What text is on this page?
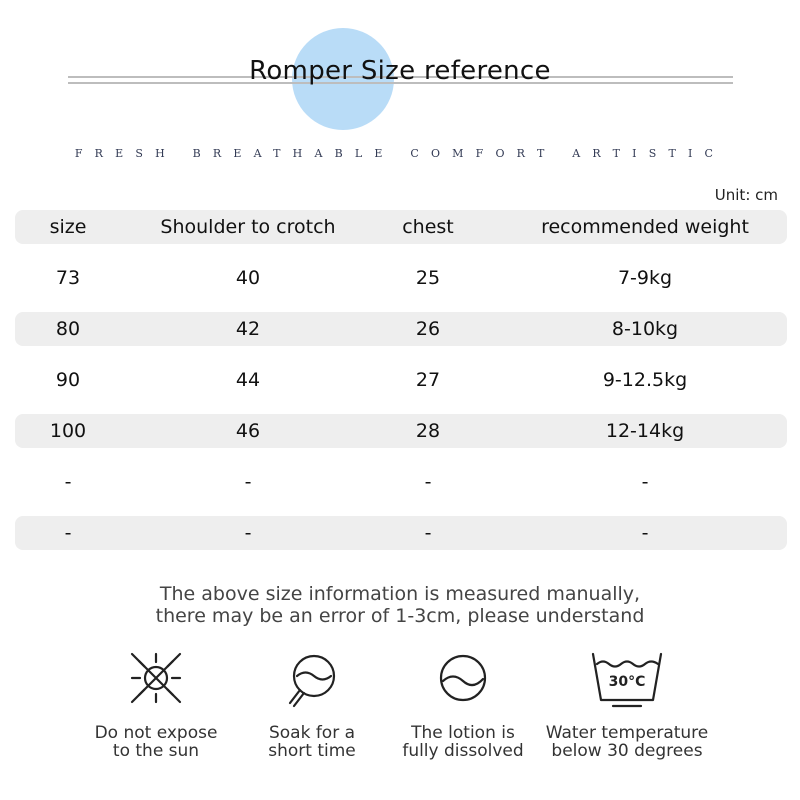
Romper Size reference
FRESH BREATHABLE COMFORT ARTISTIC
Unit: cm
size	Shoulder to crotch	chest	recommended weight
73	40	25	7-9kg
80	42	26	8-10kg
90	44	27	9-12.5kg
100	46	28	12-14kg
-	-	-	-
-	-	-	-
The above size information is measured manually,
there may be an error of 1-3cm, please understand
Do not expose
to the sun
Soak for a
short time
The lotion is
fully dissolved
30°C
Water temperature
below 30 degrees
